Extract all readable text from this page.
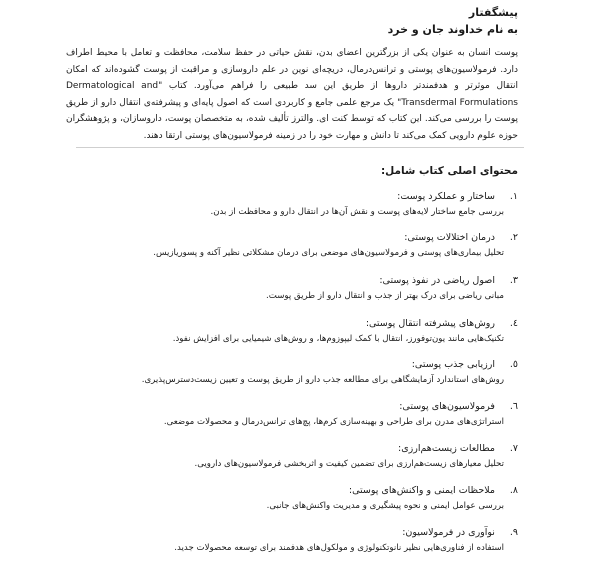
پیشگفتار
به نام خداوند جان و خرد
پوست انسان به عنوان یکی از بزرگترین اعضای بدن، نقش حیاتی در حفظ سلامت، محافظت و تعامل با محیط اطراف دارد. فرمولاسیون‌های پوستی و ترانس‌درمال، دریچه‌ای نوین در علم داروسازی و مراقبت از پوست گشوده‌اند که امکان انتقال موثرتر و هدفمندتر داروها از طریق این سد طبیعی را فراهم می‌آورد. کتاب "Dermatological and Transdermal Formulations" یک مرجع علمی جامع و کاربردی است که اصول پایه‌ای و پیشرفته‌ی انتقال دارو از طریق پوست را بررسی می‌کند. این کتاب که توسط کنت ای. والترز تألیف شده، به متخصصان پوست، داروسازان، و پژوهشگران حوزه علوم دارویی کمک می‌کند تا دانش و مهارت خود را در زمینه فرمولاسیون‌های پوستی ارتقا دهند.
محتوای اصلی کتاب شامل:
۱. ساختار و عملکرد پوست:
بررسی جامع ساختار لایه‌های پوست و نقش آن‌ها در انتقال دارو و محافظت از بدن.
۲. درمان اختلالات پوستی:
تحلیل بیماری‌های پوستی و فرمولاسیون‌های موضعی برای درمان مشکلاتی نظیر آکنه و پسوریازیس.
۳. اصول ریاضی در نفوذ پوستی:
مبانی ریاضی برای درک بهتر از جذب و انتقال دارو از طریق پوست.
٤. روش‌های پیشرفته انتقال پوستی:
تکنیک‌هایی مانند یون‌توفورز، انتقال با کمک لیپوزوم‌ها، و روش‌های شیمیایی برای افزایش نفوذ.
٥. ارزیابی جذب پوستی:
روش‌های استاندارد آزمایشگاهی برای مطالعه جذب دارو از طریق پوست و تعیین زیست‌دسترس‌پذیری.
٦. فرمولاسیون‌های پوستی:
استراتژی‌های مدرن برای طراحی و بهینه‌سازی کرم‌ها، پچ‌های ترانس‌درمال و محصولات موضعی.
۷. مطالعات زیست‌هم‌ارزی:
تحلیل معیارهای زیست‌هم‌ارزی برای تضمین کیفیت و اثربخشی فرمولاسیون‌های دارویی.
۸. ملاحظات ایمنی و واکنش‌های پوستی:
بررسی عوامل ایمنی و نحوه پیشگیری و مدیریت واکنش‌های جانبی.
۹. نوآوری در فرمولاسیون:
استفاده از فناوری‌هایی نظیر نانوتکنولوژی و مولکول‌های هدفمند برای توسعه محصولات جدید.
